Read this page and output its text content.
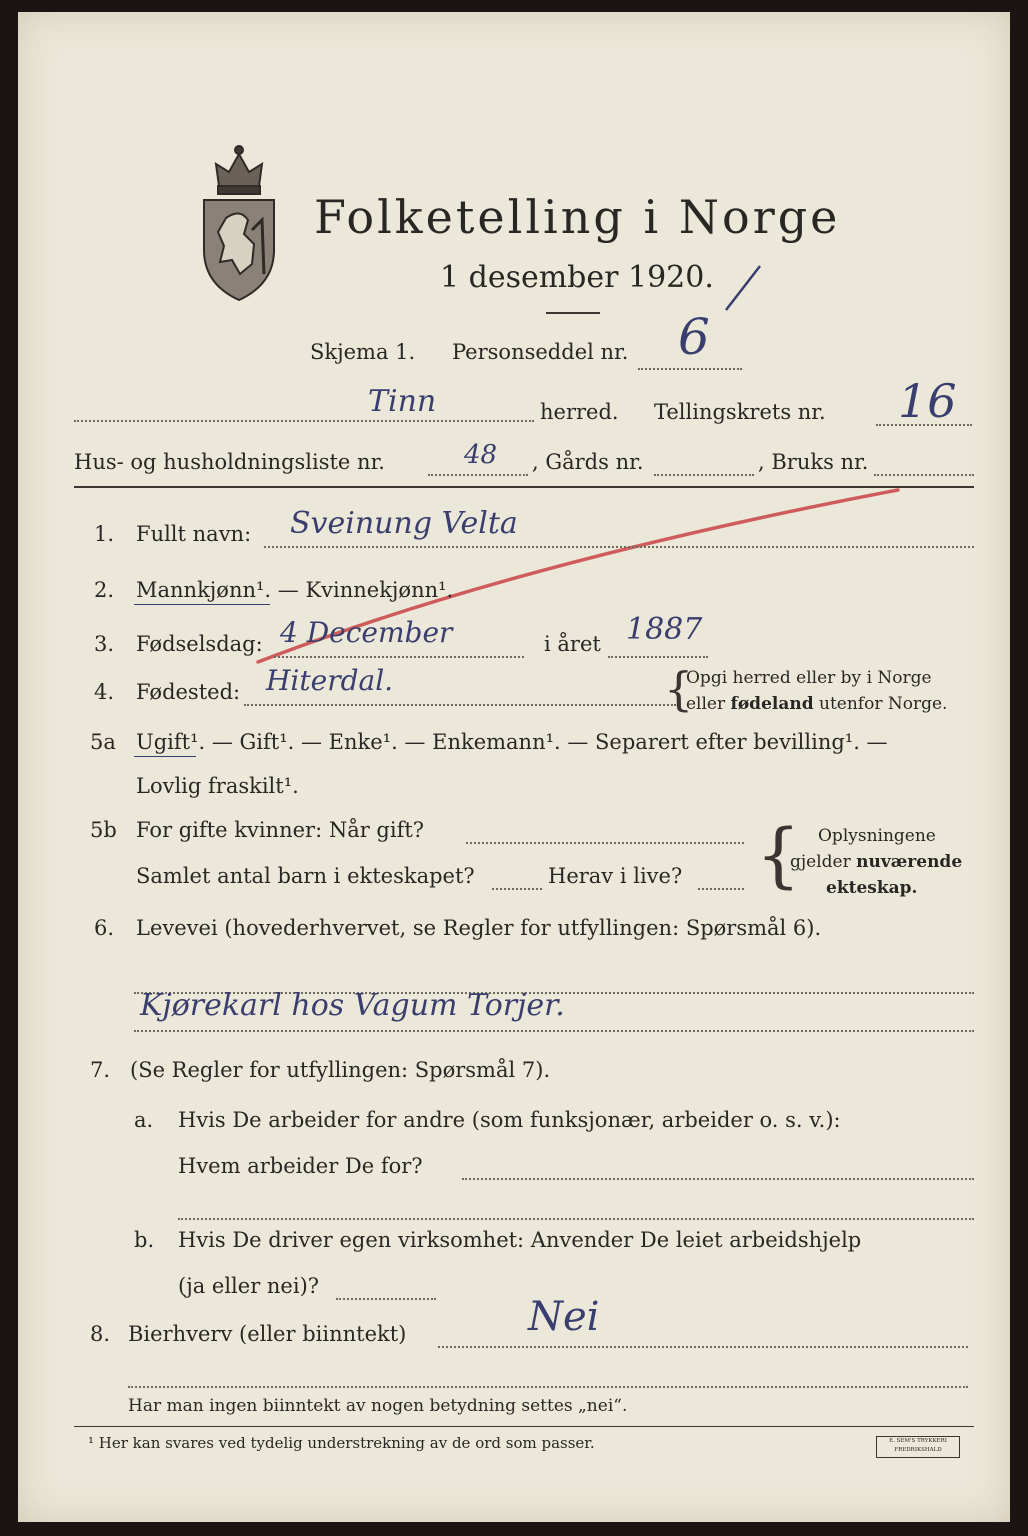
Folketelling i Norge
1 desember 1920.
Skjema 1. Personseddel nr. 6
Tinn	herred. Tellingskrets nr. 16
Hus- og husholdningsliste nr.	48 , Gårds nr.	, Bruks nr.
1. Fullt navn: Sveinung Velta
2. Mannkjønn¹. — Kvinnekjønn¹.
3. Fødselsdag: 4 December	i året 1887
4. Fødested: Hiterdal.	{
Opgi herred eller by i Norge
eller fødeland utenfor Norge.
5a Ugift¹. — Gift¹. — Enke¹. — Enkemann¹. — Separert efter bevilling¹. —
Lovlig fraskilt¹.
5b For gifte kvinner: Når gift?
Samlet antal barn i ekteskapet?	Herav i live? { Oplysningene
gjelder nuværende
ekteskap.
6. Levevei (hovederhvervet, se Regler for utfyllingen: Spørsmål 6).
Kjørekarl hos Vagum Torjer.
7. (Se Regler for utfyllingen: Spørsmål 7).
a. Hvis De arbeider for andre (som funksjonær, arbeider o. s. v.):
Hvem arbeider De for?
b. Hvis De driver egen virksomhet: Anvender De leiet arbeidshjelp
(ja eller nei)?
8. Bierhverv (eller biinntekt)	Nei
Har man ingen biinntekt av nogen betydning settes „nei“.
¹ Her kan svares ved tydelig understrekning av de ord som passer.	E. SEM'S TRYKKERI FREDRIKSHALD
